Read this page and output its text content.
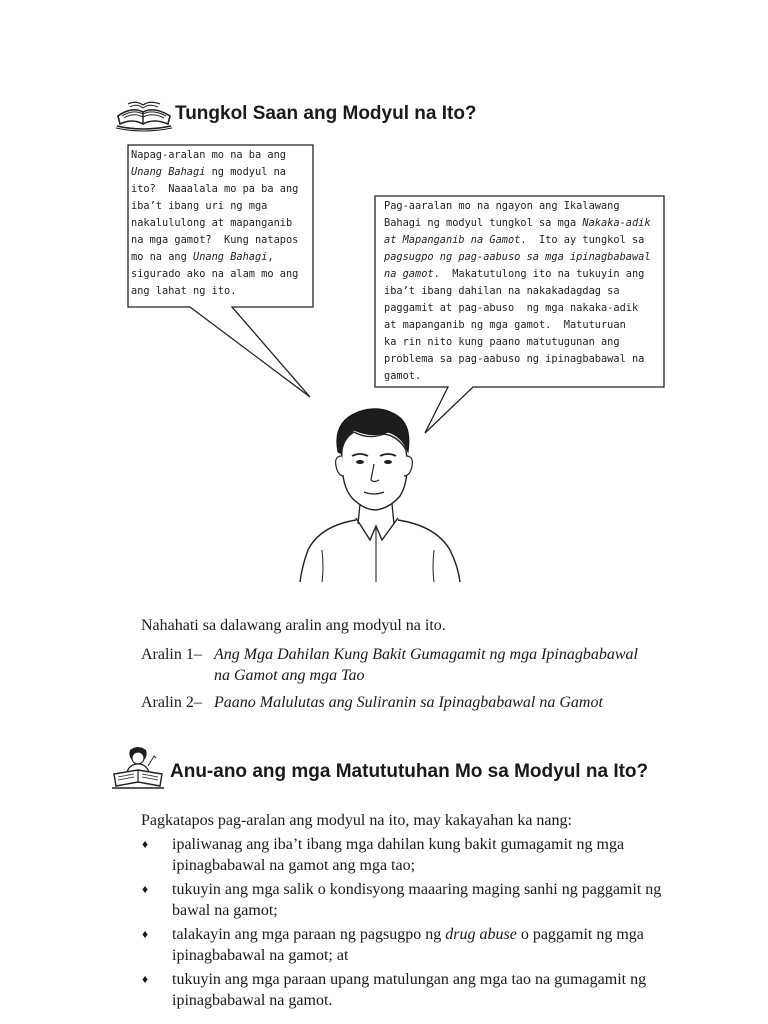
Tungkol Saan ang Modyul na Ito?
Napag-aralan mo na ba ang
Unang Bahagi ng modyul na
ito?  Naaalala mo pa ba ang
iba’t ibang uri ng mga
nakalululong at mapanganib
na mga gamot?  Kung natapos
mo na ang Unang Bahagi,
sigurado ako na alam mo ang
ang lahat ng ito.
Pag-aaralan mo na ngayon ang Ikalawang
Bahagi ng modyul tungkol sa mga Nakaka-adik
at Mapanganib na Gamot.  Ito ay tungkol sa
pagsugpo ng pag-aabuso sa mga ipinagbabawal
na gamot.  Makatutulong ito na tukuyin ang
iba’t ibang dahilan na nakakadagdag sa
paggamit at pag-abuso  ng mga nakaka-adik
at mapanganib ng mga gamot.  Matuturuan
ka rin nito kung paano matutugunan ang
problema sa pag-aabuso ng ipinagbabawal na
gamot.
Nahahati sa dalawang aralin ang modyul na ito.
Aralin 1– Ang Mga Dahilan Kung Bakit Gumagamit ng mga Ipinagbabawal
na Gamot ang mga Tao
Aralin 2– Paano Malulutas ang Suliranin sa Ipinagbabawal na Gamot
Anu-ano ang mga Matututuhan Mo sa Modyul na Ito?
Pagkatapos pag-aralan ang modyul na ito, may kakayahan ka nang:
♦ ipaliwanag ang iba’t ibang mga dahilan kung bakit gumagamit ng mga ipinagbabawal na gamot ang mga tao;
♦ tukuyin ang mga salik o kondisyong maaaring maging sanhi ng paggamit ng bawal na gamot;
♦ talakayin ang mga paraan ng pagsugpo ng drug abuse o paggamit ng mga ipinagbabawal na gamot; at
♦ tukuyin ang mga paraan upang matulungan ang mga tao na gumagamit ng ipinagbabawal na gamot.
